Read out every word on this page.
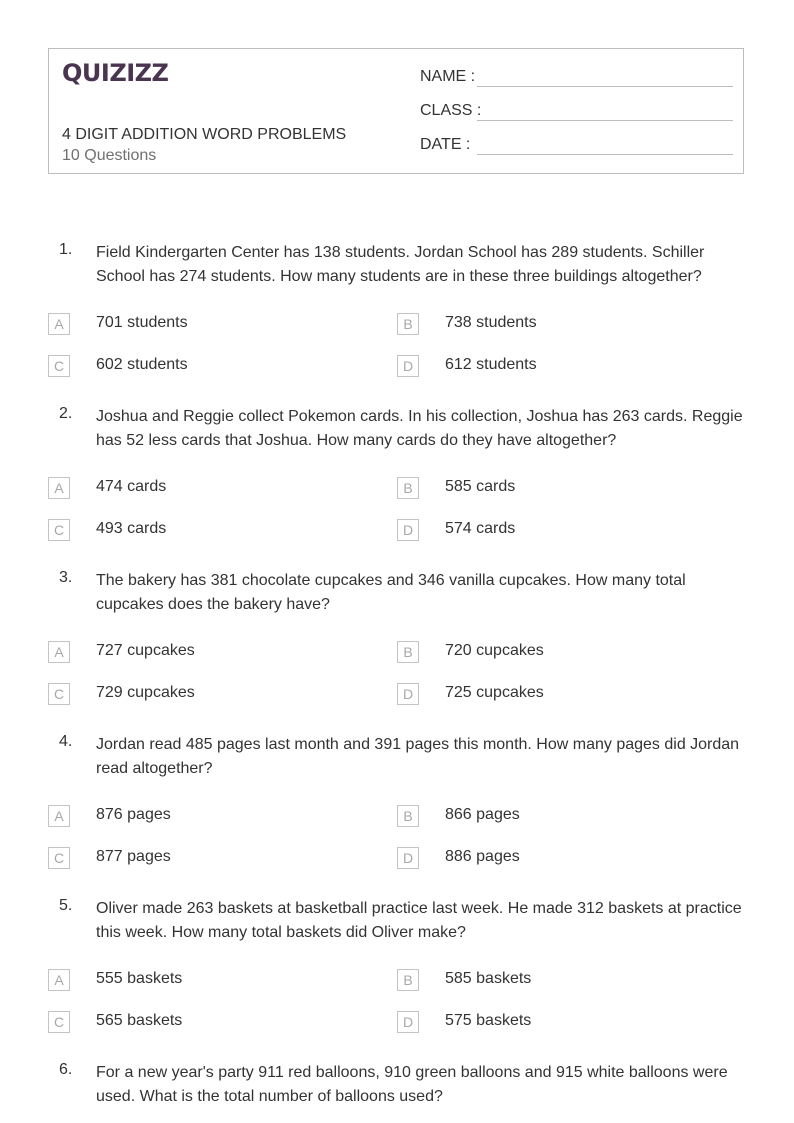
QUIZIZZ
4 DIGIT ADDITION WORD PROBLEMS
10 Questions
NAME :
CLASS :
DATE :
1. Field Kindergarten Center has 138 students. Jordan School has 289 students. Schiller School has 274 students. How many students are in these three buildings altogether?
A	701 students	B	738 students
C	602 students	D	612 students
2. Joshua and Reggie collect Pokemon cards. In his collection, Joshua has 263 cards. Reggie has 52 less cards that Joshua. How many cards do they have altogether?
A	474 cards	B	585 cards
C	493 cards	D	574 cards
3. The bakery has 381 chocolate cupcakes and 346 vanilla cupcakes. How many total cupcakes does the bakery have?
A	727 cupcakes	B	720 cupcakes
C	729 cupcakes	D	725 cupcakes
4. Jordan read 485 pages last month and 391 pages this month. How many pages did Jordan read altogether?
A	876 pages	B	866 pages
C	877 pages	D	886 pages
5. Oliver made 263 baskets at basketball practice last week. He made 312 baskets at practice this week. How many total baskets did Oliver make?
A	555 baskets	B	585 baskets
C	565 baskets	D	575 baskets
6. For a new year's party 911 red balloons, 910 green balloons and 915 white balloons were used. What is the total number of balloons used?
